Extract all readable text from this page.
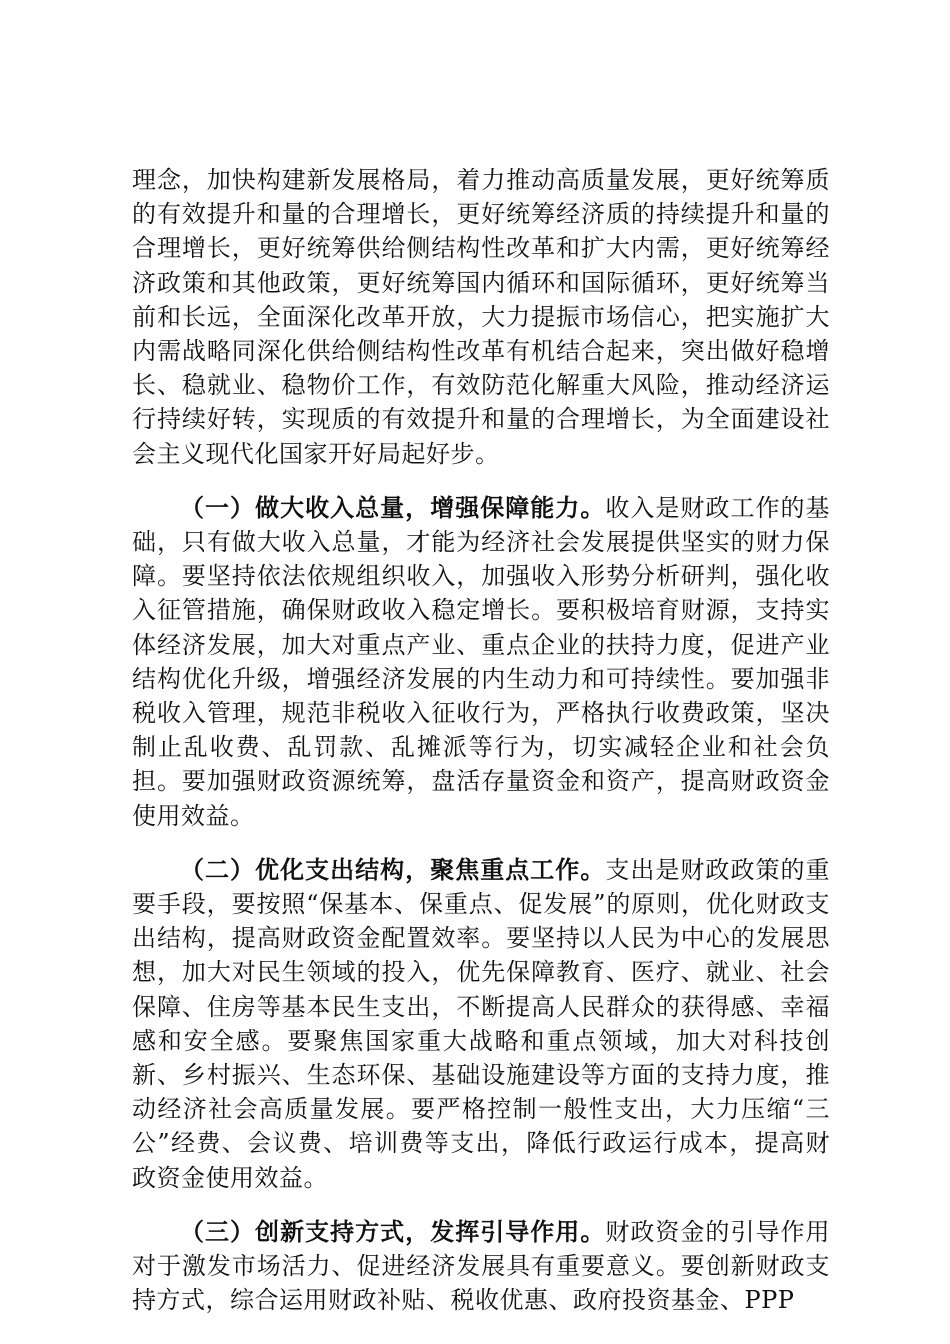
理念，加快构建新发展格局，着力推动高质量发展，更好统筹质的有效提升和量的合理增长，更好统筹经济质的持续提升和量的合理增长，更好统筹供给侧结构性改革和扩大内需，更好统筹经济政策和其他政策，更好统筹国内循环和国际循环，更好统筹当前和长远，全面深化改革开放，大力提振市场信心，把实施扩大内需战略同深化供给侧结构性改革有机结合起来，突出做好稳增长、稳就业、稳物价工作，有效防范化解重大风险，推动经济运行持续好转，实现质的有效提升和量的合理增长，为全面建设社会主义现代化国家开好局起好步。

（一）做大收入总量，增强保障能力。收入是财政工作的基础，只有做大收入总量，才能为经济社会发展提供坚实的财力保障。要坚持依法依规组织收入，加强收入形势分析研判，强化收入征管措施，确保财政收入稳定增长。要积极培育财源，支持实体经济发展，加大对重点产业、重点企业的扶持力度，促进产业结构优化升级，增强经济发展的内生动力和可持续性。要加强非税收入管理，规范非税收入征收行为，严格执行收费政策，坚决制止乱收费、乱罚款、乱摊派等行为，切实减轻企业和社会负担。要加强财政资源统筹，盘活存量资金和资产，提高财政资金使用效益。

（二）优化支出结构，聚焦重点工作。支出是财政政策的重要手段，要按照“保基本、保重点、促发展”的原则，优化财政支出结构，提高财政资金配置效率。要坚持以人民为中心的发展思想，加大对民生领域的投入，优先保障教育、医疗、就业、社会保障、住房等基本民生支出，不断提高人民群众的获得感、幸福感和安全感。要聚焦国家重大战略和重点领域，加大对科技创新、乡村振兴、生态环保、基础设施建设等方面的支持力度，推动经济社会高质量发展。要严格控制一般性支出，大力压缩“三公”经费、会议费、培训费等支出，降低行政运行成本，提高财政资金使用效益。

（三）创新支持方式，发挥引导作用。财政资金的引导作用对于激发市场活力、促进经济发展具有重要意义。要创新财政支持方式，综合运用财政补贴、税收优惠、政府投资基金、PPP
